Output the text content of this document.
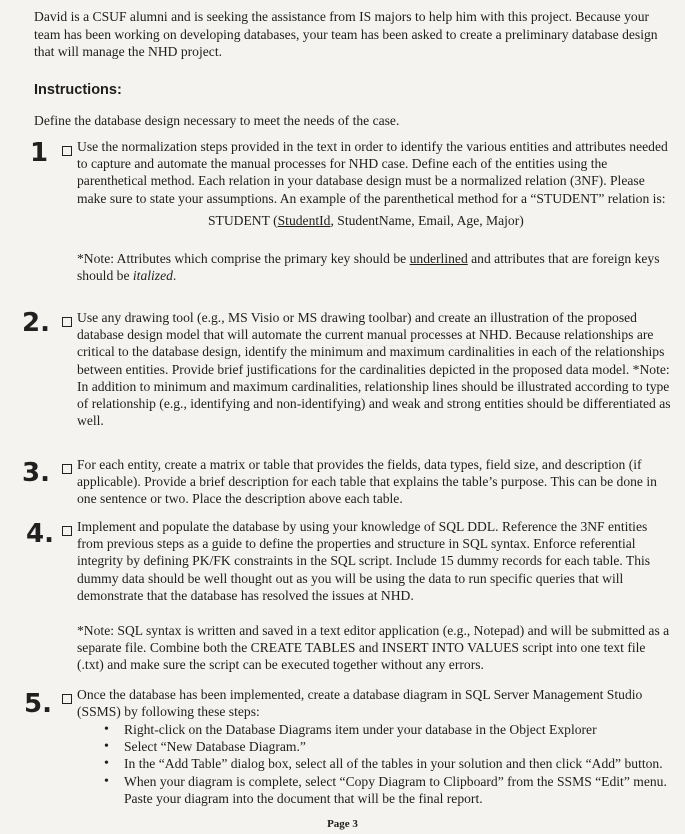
David is a CSUF alumni and is seeking the assistance from IS majors to help him with this project. Because your team has been working on developing databases, your team has been asked to create a preliminary database design that will manage the NHD project.
Instructions:
Define the database design necessary to meet the needs of the case.
1 Use the normalization steps provided in the text in order to identify the various entities and attributes needed to capture and automate the manual processes for NHD case. Define each of the entities using the parenthetical method. Each relation in your database design must be a normalized relation (3NF). Please make sure to state your assumptions. An example of the parenthetical method for a “STUDENT” relation is:
STUDENT (StudentId, StudentName, Email, Age, Major)
*Note: Attributes which comprise the primary key should be underlined and attributes that are foreign keys should be italized.
2. Use any drawing tool (e.g., MS Visio or MS drawing toolbar) and create an illustration of the proposed database design model that will automate the current manual processes at NHD. Because relationships are critical to the database design, identify the minimum and maximum cardinalities in each of the relationships between entities. Provide brief justifications for the cardinalities depicted in the proposed data model. *Note: In addition to minimum and maximum cardinalities, relationship lines should be illustrated according to type of relationship (e.g., identifying and non-identifying) and weak and strong entities should be differentiated as well.
3. For each entity, create a matrix or table that provides the fields, data types, field size, and description (if applicable). Provide a brief description for each table that explains the table’s purpose. This can be done in one sentence or two. Place the description above each table.
4. Implement and populate the database by using your knowledge of SQL DDL. Reference the 3NF entities from previous steps as a guide to define the properties and structure in SQL syntax. Enforce referential integrity by defining PK/FK constraints in the SQL script. Include 15 dummy records for each table. This dummy data should be well thought out as you will be using the data to run specific queries that will demonstrate that the database has resolved the issues at NHD.
*Note: SQL syntax is written and saved in a text editor application (e.g., Notepad) and will be submitted as a separate file. Combine both the CREATE TABLES and INSERT INTO VALUES script into one text file (.txt) and make sure the script can be executed together without any errors.
5. Once the database has been implemented, create a database diagram in SQL Server Management Studio (SSMS) by following these steps:
• Right-click on the Database Diagrams item under your database in the Object Explorer
• Select “New Database Diagram.”
• In the “Add Table” dialog box, select all of the tables in your solution and then click “Add” button.
• When your diagram is complete, select “Copy Diagram to Clipboard” from the SSMS “Edit” menu. Paste your diagram into the document that will be the final report.
Page 3
